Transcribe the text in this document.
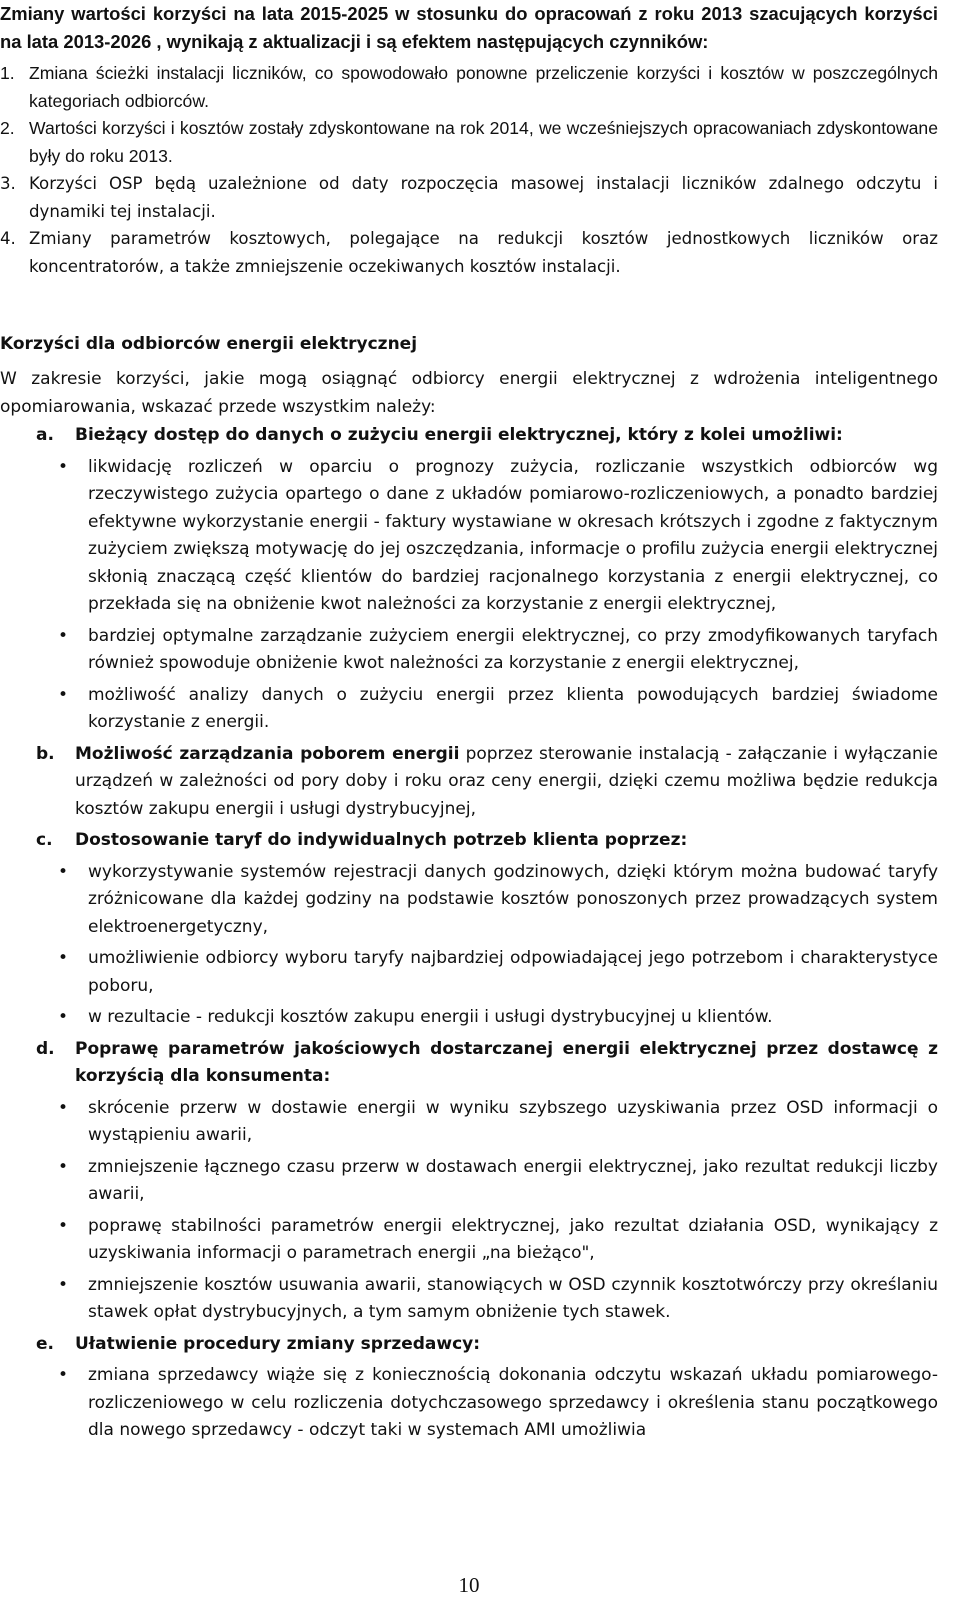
Zmiany wartości korzyści na lata 2015-2025 w stosunku do opracowań z roku 2013 szacujących korzyści na lata 2013-2026 , wynikają z aktualizacji i są efektem następujących czynników:
1. Zmiana ścieżki instalacji liczników, co spowodowało ponowne przeliczenie korzyści i kosztów w poszczególnych kategoriach odbiorców.
2. Wartości korzyści i kosztów zostały zdyskontowane na rok 2014, we wcześniejszych opracowaniach zdyskontowane były do roku 2013.
3. Korzyści OSP będą uzależnione od daty rozpoczęcia masowej instalacji liczników zdalnego odczytu i dynamiki tej instalacji.
4. Zmiany parametrów kosztowych, polegające na redukcji kosztów jednostkowych liczników oraz koncentratorów, a także zmniejszenie oczekiwanych kosztów instalacji.
Korzyści dla odbiorców energii elektrycznej
W zakresie korzyści, jakie mogą osiągnąć odbiorcy energii elektrycznej z wdrożenia inteligentnego opomiarowania, wskazać przede wszystkim należy:
a. Bieżący dostęp do danych o zużyciu energii elektrycznej, który z kolei umożliwi:
• likwidację rozliczeń w oparciu o prognozy zużycia, rozliczanie wszystkich odbiorców wg rzeczywistego zużycia opartego o dane z układów pomiarowo-rozliczeniowych, a ponadto bardziej efektywne wykorzystanie energii - faktury wystawiane w okresach krótszych i zgodne z faktycznym zużyciem zwiększą motywację do jej oszczędzania, informacje o profilu zużycia energii elektrycznej skłonią znaczącą część klientów do bardziej racjonalnego korzystania z energii elektrycznej, co przekłada się na obniżenie kwot należności za korzystanie z energii elektrycznej,
• bardziej optymalne zarządzanie zużyciem energii elektrycznej, co przy zmodyfikowanych taryfach również spowoduje obniżenie kwot należności za korzystanie z energii elektrycznej,
• możliwość analizy danych o zużyciu energii przez klienta powodujących bardziej świadome korzystanie z energii.
b. Możliwość zarządzania poborem energii poprzez sterowanie instalacją - załączanie i wyłączanie urządzeń w zależności od pory doby i roku oraz ceny energii, dzięki czemu możliwa będzie redukcja kosztów zakupu energii i usługi dystrybucyjnej,
c. Dostosowanie taryf do indywidualnych potrzeb klienta poprzez:
• wykorzystywanie systemów rejestracji danych godzinowych, dzięki którym można budować taryfy zróżnicowane dla każdej godziny na podstawie kosztów ponoszonych przez prowadzących system elektroenergetyczny,
• umożliwienie odbiorcy wyboru taryfy najbardziej odpowiadającej jego potrzebom i charakterystyce poboru,
• w rezultacie - redukcji kosztów zakupu energii i usługi dystrybucyjnej u klientów.
d. Poprawę parametrów jakościowych dostarczanej energii elektrycznej przez dostawcę z korzyścią dla konsumenta:
• skrócenie przerw w dostawie energii w wyniku szybszego uzyskiwania przez OSD informacji o wystąpieniu awarii,
• zmniejszenie łącznego czasu przerw w dostawach energii elektrycznej, jako rezultat redukcji liczby awarii,
• poprawę stabilności parametrów energii elektrycznej, jako rezultat działania OSD, wynikający z uzyskiwania informacji o parametrach energii „na bieżąco",
• zmniejszenie kosztów usuwania awarii, stanowiących w OSD czynnik kosztotwórczy przy określaniu stawek opłat dystrybucyjnych, a tym samym obniżenie tych stawek.
e. Ułatwienie procedury zmiany sprzedawcy:
• zmiana sprzedawcy wiąże się z koniecznością dokonania odczytu wskazań układu pomiarowego-rozliczeniowego w celu rozliczenia dotychczasowego sprzedawcy i określenia stanu początkowego dla nowego sprzedawcy - odczyt taki w systemach AMI umożliwia
10
